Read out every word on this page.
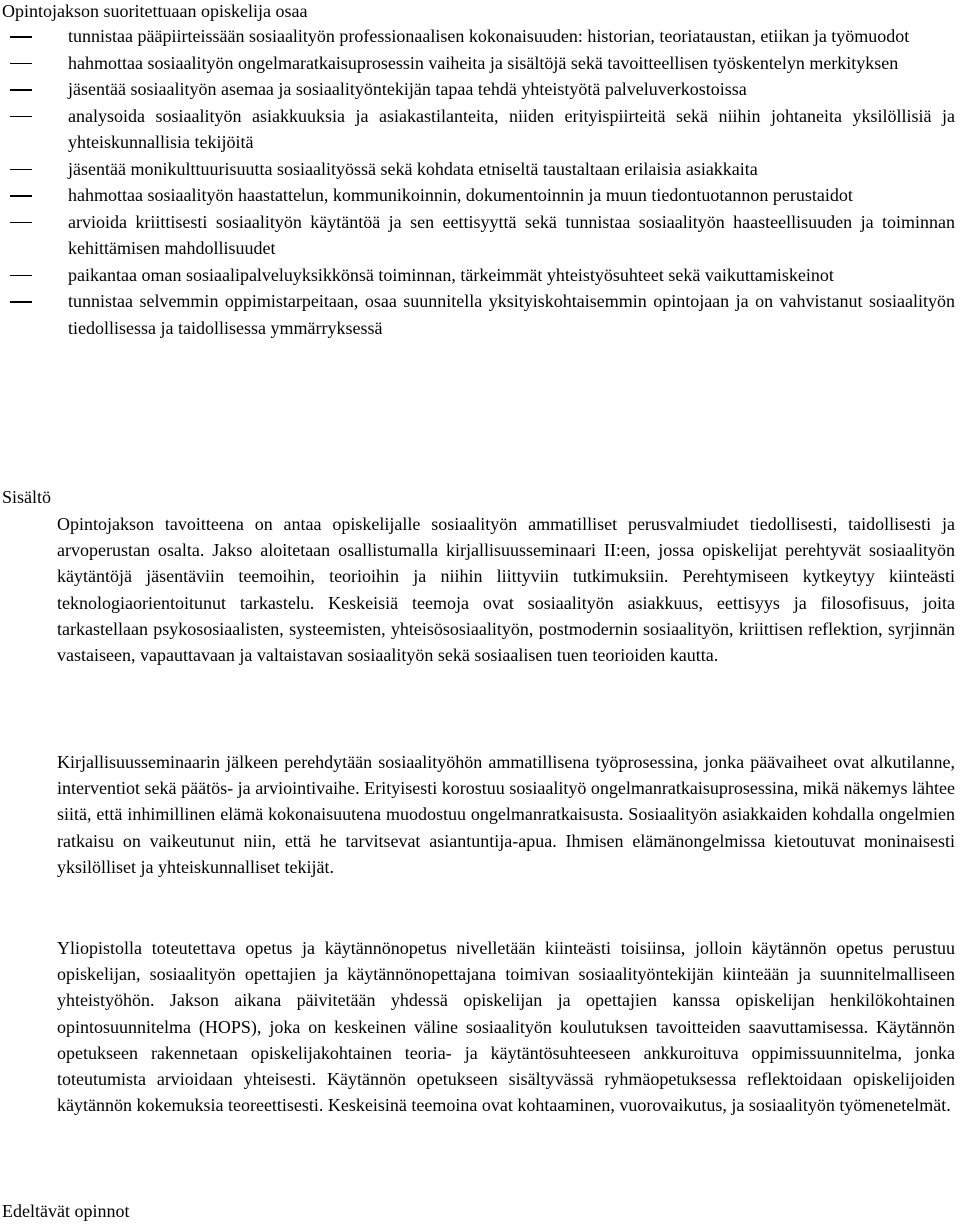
Opintojakson suoritettuaan opiskelija osaa
tunnistaa pääpiirteissään sosiaalityön professionaalisen kokonaisuuden: historian, teoriataustan, etiikan ja työmuodot
hahmottaa sosiaalityön ongelmaratkaisuprosessin vaiheita ja sisältöjä sekä tavoitteellisen työskentelyn merkityksen
jäsentää sosiaalityön asemaa ja sosiaalityöntekijän tapaa tehdä yhteistyötä palveluverkostoissa
analysoida sosiaalityön asiakkuuksia ja asiakastilanteita, niiden erityispiirteitä sekä niihin johtaneita yksilöllisiä ja yhteiskunnallisia tekijöitä
jäsentää monikulttuurisuutta sosiaalityössä sekä kohdata etniseltä taustaltaan erilaisia asiakkaita
hahmottaa sosiaalityön haastattelun, kommunikoinnin, dokumentoinnin ja muun tiedontuotannon perustaidot
arvioida kriittisesti sosiaalityön käytäntöä ja sen eettisyyttä sekä tunnistaa sosiaalityön haasteellisuuden ja toiminnan kehittämisen mahdollisuudet
paikantaa oman sosiaalipalveluyksikkönsä toiminnan, tärkeimmät yhteistyösuhteet sekä vaikuttamiskeinot
tunnistaa selvemmin oppimistarpeitaan, osaa suunnitella yksityiskohtaisemmin opintojaan ja on vahvistanut sosiaalityön tiedollisessa ja taidollisessa ymmärryksessä
Sisältö

Opintojakson tavoitteena on antaa opiskelijalle sosiaalityön ammatilliset perusvalmiudet tiedollisesti, taidollisesti ja arvoperustan osalta. Jakso aloitetaan osallistumalla kirjallisuusseminaari II:een, jossa opiskelijat perehtyvät sosiaalityön käytäntöjä jäsentäviin teemoihin, teorioihin ja niihin liittyviin tutkimuksiin. Perehtymiseen kytkeytyy kiinteästi teknologiaorientoitunut tarkastelu. Keskeisiä teemoja ovat sosiaalityön asiakkuus, eettisyys ja filosofisuus, joita tarkastellaan psykososiaalisten, systeemisten, yhteisösosiaalityön, postmodernin sosiaalityön, kriittisen reflektion, syrjinnän vastaiseen, vapauttavaan ja valtaistavan sosiaalityön sekä sosiaalisen tuen teorioiden kautta.

Kirjallisuusseminaarin jälkeen perehdytään sosiaalityöhön ammatillisena työprosessina, jonka päävaiheet ovat alkutilanne, interventiot sekä päätös- ja arviointivaihe. Erityisesti korostuu sosiaalityö ongelmanratkaisuprosessina, mikä näkemys lähtee siitä, että inhimillinen elämä kokonaisuutena muodostuu ongelmanratkaisusta. Sosiaalityön asiakkaiden kohdalla ongelmien ratkaisu on vaikeutunut niin, että he tarvitsevat asiantuntija-apua. Ihmisen elämänongelmissa kietoutuvat moninaisesti yksilölliset ja yhteiskunnalliset tekijät.

Yliopistolla toteutettava opetus ja käytännönopetus nivelletään kiinteästi toisiinsa, jolloin käytännön opetus perustuu opiskelijan, sosiaalityön opettajien ja käytännönopettajana toimivan sosiaalityöntekijän kiinteään ja suunnitelmalliseen yhteistyöhön. Jakson aikana päivitetään yhdessä opiskelijan ja opettajien kanssa opiskelijan henkilökohtainen opintosuunnitelma (HOPS), joka on keskeinen väline sosiaalityön koulutuksen tavoitteiden saavuttamisessa. Käytännön opetukseen rakennetaan opiskelijakohtainen teoria- ja käytäntösuhteeseen ankkuroituva oppimissuunnitelma, jonka toteutumista arvioidaan yhteisesti. Käytännön opetukseen sisältyvässä ryhmäopetuksessa reflektoidaan opiskelijoiden käytännön kokemuksia teoreettisesti. Keskeisinä teemoina ovat kohtaaminen, vuorovaikutus, ja sosiaalityön työmenetelmät.

Edeltävät opinnot
